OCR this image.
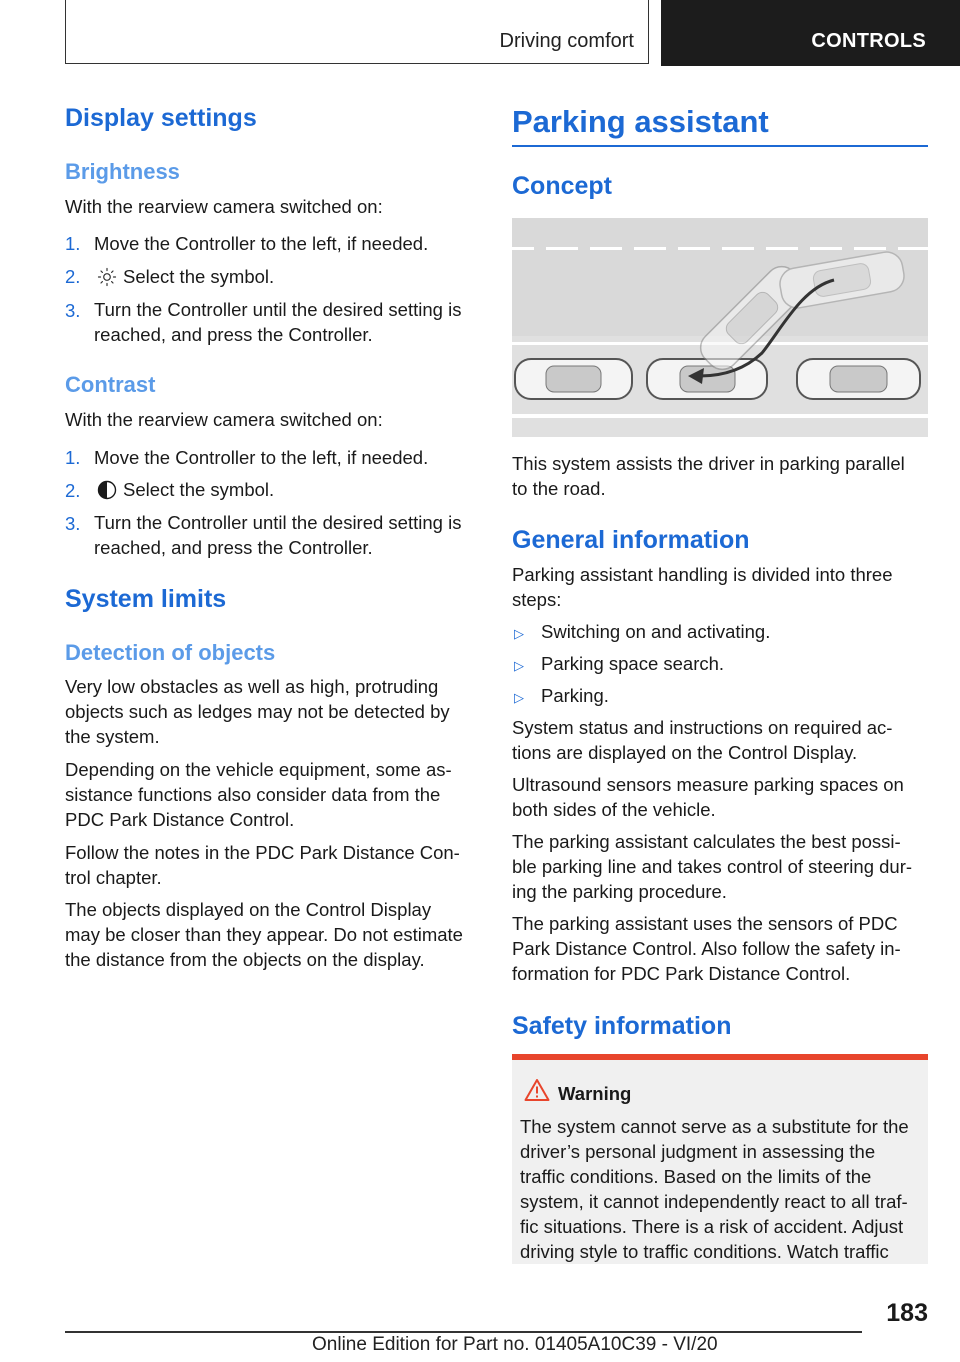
Driving comfort	CONTROLS
Display settings
Brightness

With the rearview camera switched on:

1. Move the Controller to the left, if needed.
2. Select the symbol.
3. Turn the Controller until the desired setting is
reached, and press the Controller.
Contrast

With the rearview camera switched on:

1. Move the Controller to the left, if needed.
2. Select the symbol.
3. Turn the Controller until the desired setting is
reached, and press the Controller.
System limits
Detection of objects

Very low obstacles as well as high, protruding
objects such as ledges may not be detected by
the system.

Depending on the vehicle equipment, some as-
sistance functions also consider data from the
PDC Park Distance Control.

Follow the notes in the PDC Park Distance Con-
trol chapter.

The objects displayed on the Control Display
may be closer than they appear. Do not estimate
the distance from the objects on the display.

Parking assistant
Concept

This system assists the driver in parking parallel
to the road.

General information

Parking assistant handling is divided into three
steps:

▷ Switching on and activating.
▷ Parking space search.
▷ Parking.

System status and instructions on required ac-
tions are displayed on the Control Display.

Ultrasound sensors measure parking spaces on
both sides of the vehicle.

The parking assistant calculates the best possi-
ble parking line and takes control of steering dur-
ing the parking procedure.

The parking assistant uses the sensors of PDC
Park Distance Control. Also follow the safety in-
formation for PDC Park Distance Control.

Safety information
Warning

The system cannot serve as a substitute for the
driver’s personal judgment in assessing the
traffic conditions. Based on the limits of the
system, it cannot independently react to all traf-
fic situations. There is a risk of accident. Adjust
driving style to traffic conditions. Watch traffic

183
Online Edition for Part no. 01405A10C39 - VI/20
